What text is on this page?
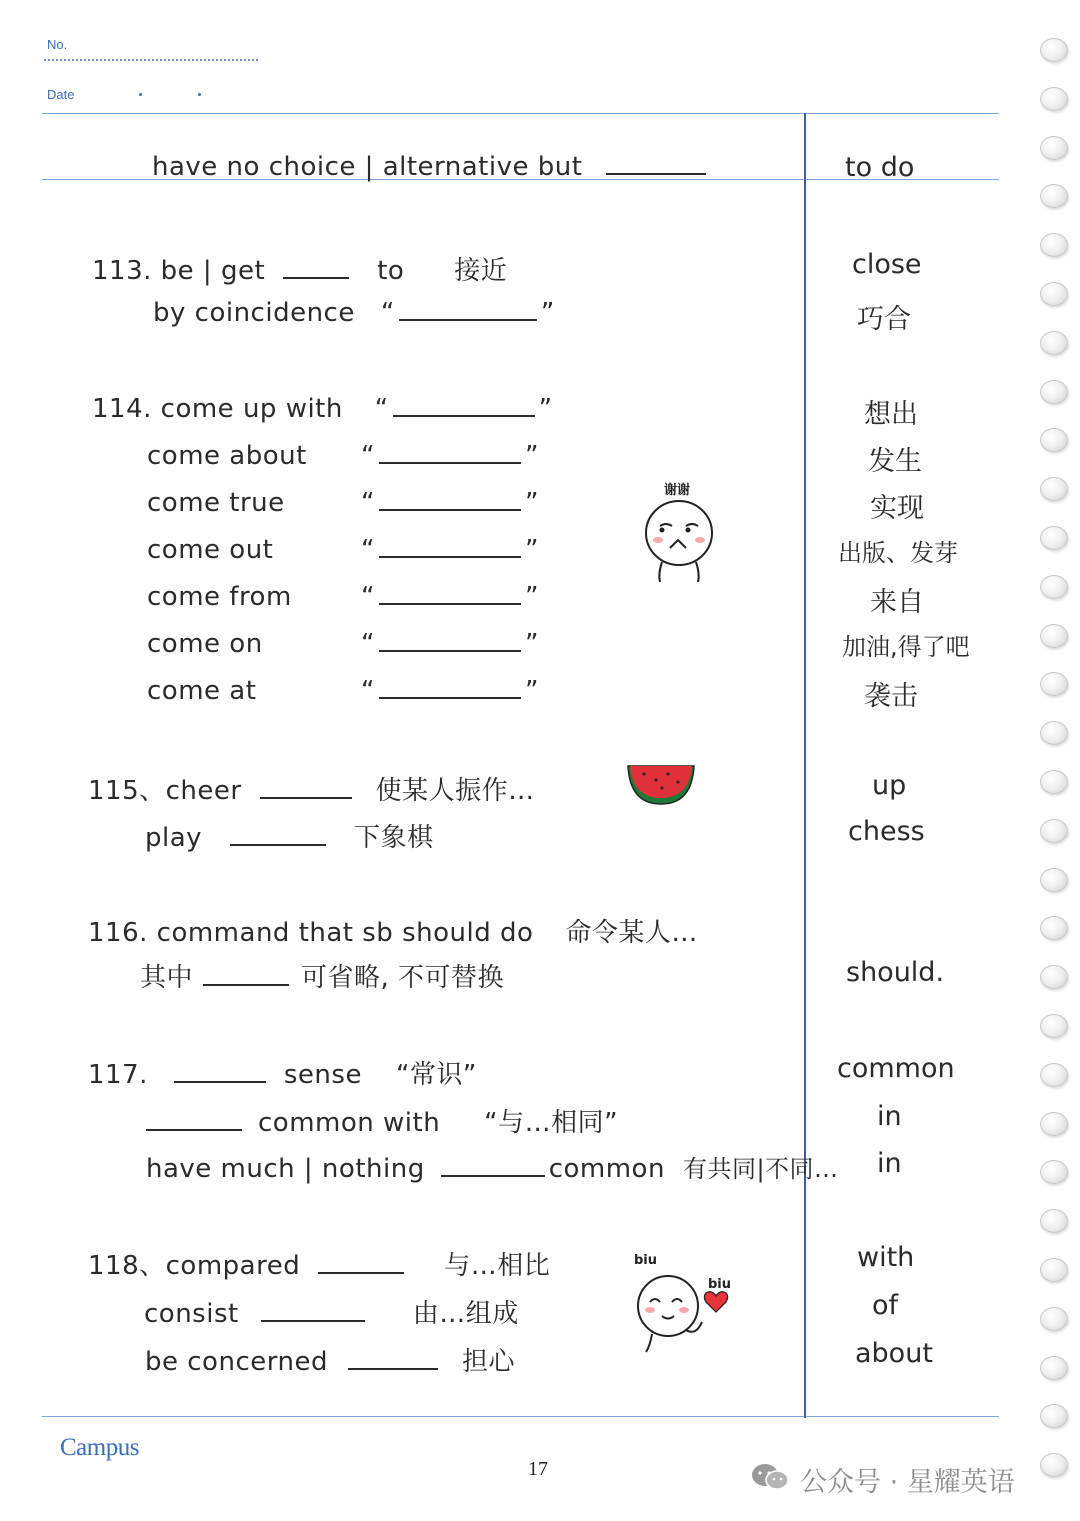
No.
Date
have no choice | alternative but	to do
113. be | get	to 接近	close
by coincidence “	”	巧合
114. come up with “	”	想出
come about “	”	发生
come true	“	”	实现
come out	“	”	出版、发芽
come from	“	”	来自
come on	“	”	加油,得了吧
come at	“	”	袭击
115、cheer	使某人振作…	up
play	下象棋	chess
116. command that sb should do 命令某人…
其中	可省略, 不可替换	should.
117.	sense “常识”	common
common with “与…相同”	in
have much | nothing	common 有共同|不同… in
118、compared	与…相比	with
consist	由…组成	of
be concerned	担心	about
谢谢
biu
biu
Campus
17	公众号 · 星耀英语
